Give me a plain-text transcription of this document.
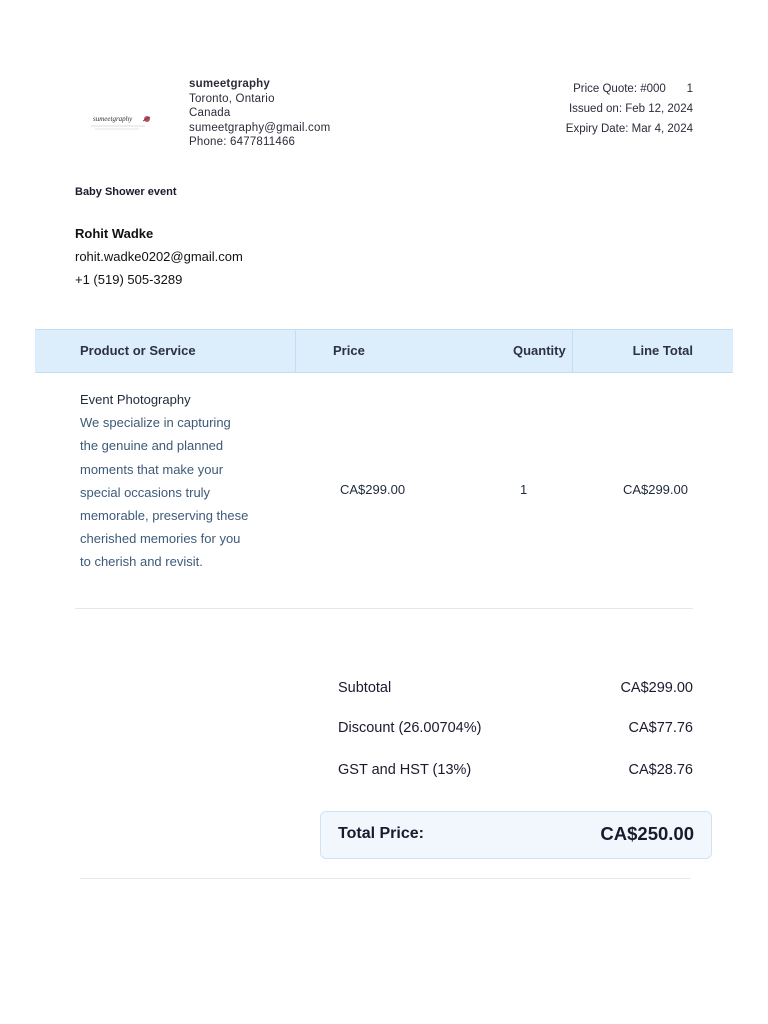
sumeetgraphy
sumeetgraphy
Toronto, Ontario
Canada
sumeetgraphy@gmail.com
Phone: 6477811466
Price Quote: #000 1
Issued on: Feb 12, 2024
Expiry Date: Mar 4, 2024
Baby Shower event
Rohit Wadke
rohit.wadke0202@gmail.com
+1 (519) 505-3289
Product or Service	Price	Quantity	Line Total
Event Photography
We specialize in capturing the genuine and planned moments that make your special occasions truly memorable, preserving these cherished memories for you to cherish and revisit.
CA$299.00	1	CA$299.00
Subtotal	CA$299.00
Discount (26.00704%)	CA$77.76
GST and HST (13%)	CA$28.76
Total Price:	CA$250.00
